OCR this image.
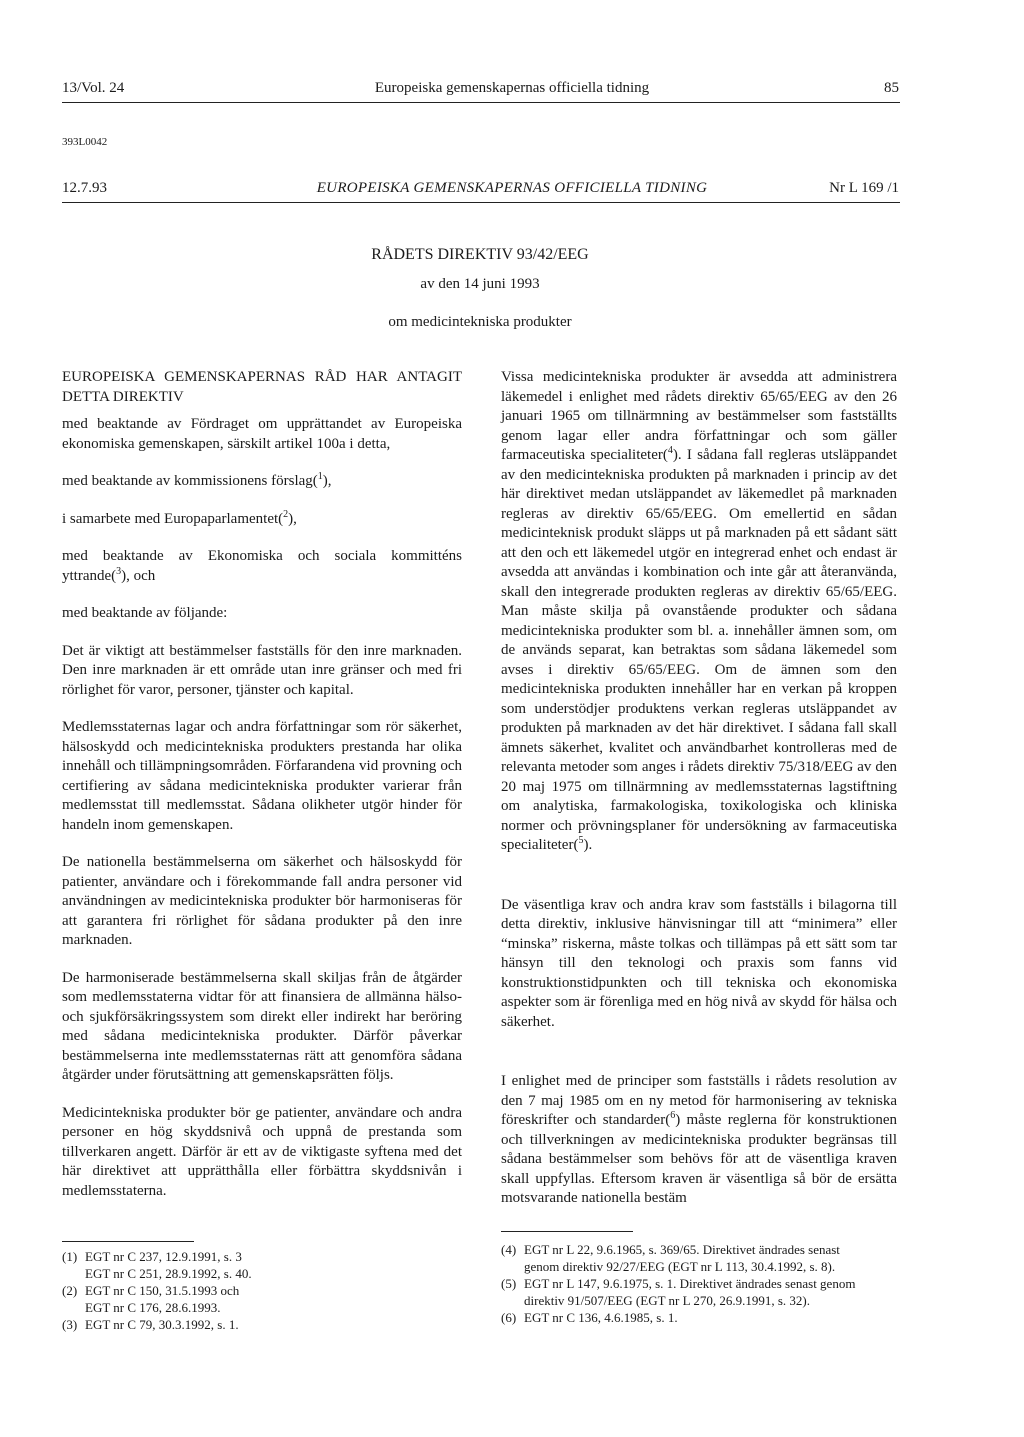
13/Vol. 24	Europeiska gemenskapernas officiella tidning	85
393L0042
12.7.93	EUROPEISKA GEMENSKAPERNAS OFFICIELLA TIDNING	Nr L 169 /1
RÅDETS DIREKTIV 93/42/EEG
av den 14 juni 1993
om medicintekniska produkter

EUROPEISKA GEMENSKAPERNAS RÅD HAR ANTAGIT DETTA DIREKTIV

med beaktande av Fördraget om upprättandet av Europeiska ekonomiska gemenskapen, särskilt artikel 100a i detta,

med beaktande av kommissionens förslag($^1$),

i samarbete med Europaparlamentet($^2$),

med beaktande av Ekonomiska och sociala kommitténs yttrande($^3$), och

med beaktande av följande:

Det är viktigt att bestämmelser fastställs för den inre marknaden. Den inre marknaden är ett område utan inre gränser och med fri rörlighet för varor, personer, tjänster och kapital.

Medlemsstaternas lagar och andra författningar som rör säkerhet, hälsoskydd och medicintekniska produkters prestanda har olika innehåll och tillämpningsområden. Förfarandena vid provning och certifiering av sådana medicintekniska produkter varierar från medlemsstat till medlemsstat. Sådana olikheter utgör hinder för handeln inom gemenskapen.

De nationella bestämmelserna om säkerhet och hälsoskydd för patienter, användare och i förekommande fall andra personer vid användningen av medicintekniska produkter bör harmoniseras för att garantera fri rörlighet för sådana produkter på den inre marknaden.

De harmoniserade bestämmelserna skall skiljas från de åtgärder som medlemsstaterna vidtar för att finansiera de allmänna hälso- och sjukförsäkringssystem som direkt eller indirekt har beröring med sådana medicintekniska produkter. Därför påverkar bestämmelserna inte medlemsstaternas rätt att genomföra sådana åtgärder under förutsättning att gemenskapsrätten följs.

Medicintekniska produkter bör ge patienter, användare och andra personer en hög skyddsnivå och uppnå de prestanda som tillverkaren angett. Därför är ett av de viktigaste syftena med det här direktivet att upprätthålla eller förbättra skyddsnivån i medlemsstaterna.

Vissa medicintekniska produkter är avsedda att administrera läkemedel i enlighet med rådets direktiv 65/65/EEG av den 26 januari 1965 om tillnärmning av bestämmelser som fastställts genom lagar eller andra författningar och som gäller farmaceutiska specialiteter($^4$). I sådana fall regleras utsläppandet av den medicintekniska produkten på marknaden i princip av det här direktivet medan utsläppandet av läkemedlet på marknaden regleras av direktiv 65/65/EEG. Om emellertid en sådan medicinteknisk produkt släpps ut på marknaden på ett sådant sätt att den och ett läkemedel utgör en integrerad enhet och endast är avsedda att användas i kombination och inte går att återanvända, skall den integrerade produkten regleras av direktiv 65/65/EEG. Man måste skilja på ovanstående produkter och sådana medicintekniska produkter som bl. a. innehåller ämnen som, om de används separat, kan betraktas som sådana läkemedel som avses i direktiv 65/65/EEG. Om de ämnen som den medicintekniska produkten innehåller har en verkan på kroppen som understödjer produktens verkan regleras utsläppandet av produkten på marknaden av det här direktivet. I sådana fall skall ämnets säkerhet, kvalitet och användbarhet kontrolleras med de relevanta metoder som anges i rådets direktiv 75/318/EEG av den 20 maj 1975 om tillnärmning av medlemsstaternas lagstiftning om analytiska, farmakologiska, toxikologiska och kliniska normer och prövningsplaner för undersökning av farmaceutiska specialiteter($^5$).

De väsentliga krav och andra krav som fastställs i bilagorna till detta direktiv, inklusive hänvisningar till att “minimera” eller “minska” riskerna, måste tolkas och tillämpas på ett sätt som tar hänsyn till den teknologi och praxis som fanns vid konstruktionstidpunkten och till tekniska och ekonomiska aspekter som är förenliga med en hög nivå av skydd för hälsa och säkerhet.

I enlighet med de principer som fastställs i rådets resolution av den 7 maj 1985 om en ny metod för harmonisering av tekniska föreskrifter och standarder($^6$) måste reglerna för konstruktionen och tillverkningen av medicintekniska produkter begränsas till sådana bestämmelser som behövs för att de väsentliga kraven skall uppfyllas. Eftersom kraven är väsentliga så bör de ersätta motsvarande nationella bestäm

(1) EGT nr C 237, 12.9.1991, s. 3
EGT nr C 251, 28.9.1992, s. 40.
(2) EGT nr C 150, 31.5.1993 och
EGT nr C 176, 28.6.1993.
(3) EGT nr C 79, 30.3.1992, s. 1.
(4) EGT nr L 22, 9.6.1965, s. 369/65. Direktivet ändrades senast
genom direktiv 92/27/EEG (EGT nr L 113, 30.4.1992, s. 8).
(5) EGT nr L 147, 9.6.1975, s. 1. Direktivet ändrades senast genom
direktiv 91/507/EEG (EGT nr L 270, 26.9.1991, s. 32).
(6) EGT nr C 136, 4.6.1985, s. 1.
